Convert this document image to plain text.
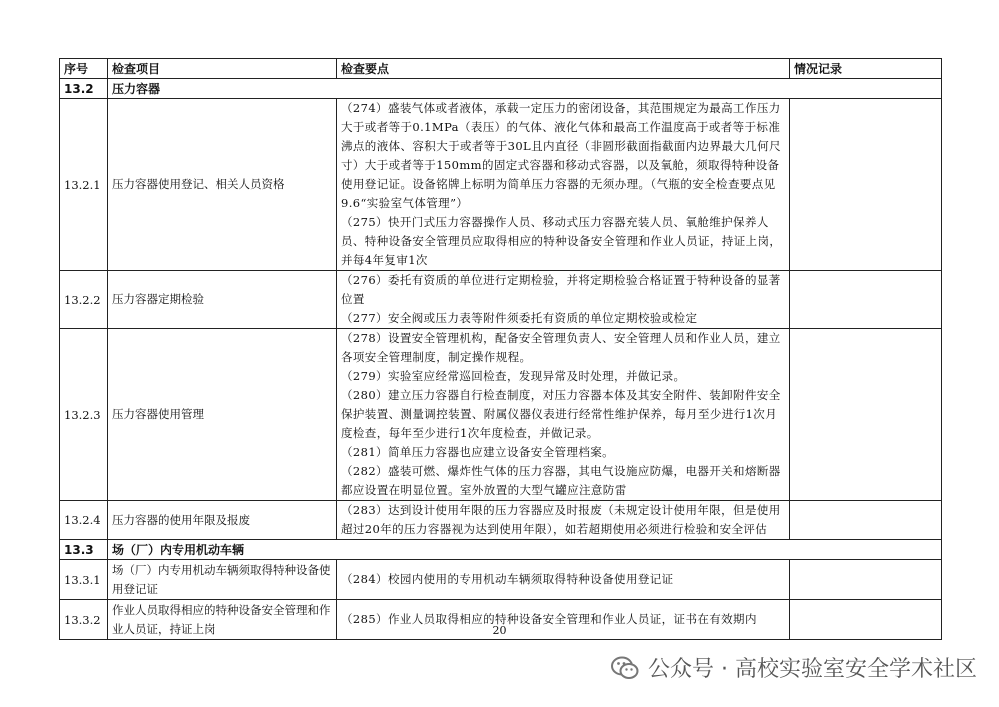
序号	检查项目	检查要点	情况记录
13.2	压力容器		
13.2.1	压力容器使用登记、相关人员资格	（274）盛装气体或者液体，承载一定压力的密闭设备，其范围规定为最高工作压力大于或者等于0.1MPa（表压）的气体、液化气体和最高工作温度高于或者等于标准沸点的液体、容积大于或者等于30L且内直径（非圆形截面指截面内边界最大几何尺寸）大于或者等于150mm的固定式容器和移动式容器，以及氧舱，须取得特种设备使用登记证。设备铭牌上标明为简单压力容器的无须办理。（气瓶的安全检查要点见9.6“实验室气体管理”）

（275）快开门式压力容器操作人员、移动式压力容器充装人员、氧舱维护保养人员、特种设备安全管理员应取得相应的特种设备安全管理和作业人员证，持证上岗，并每4年复审1次	

13.2.2	压力容器定期检验	（276）委托有资质的单位进行定期检验，并将定期检验合格证置于特种设备的显著位置

（277）安全阀或压力表等附件须委托有资质的单位定期校验或检定	

13.2.3	压力容器使用管理	（278）设置安全管理机构，配备安全管理负责人、安全管理人员和作业人员，建立各项安全管理制度，制定操作规程。

（279）实验室应经常巡回检查，发现异常及时处理，并做记录。

（280）建立压力容器自行检查制度，对压力容器本体及其安全附件、装卸附件安全保护装置、测量调控装置、附属仪器仪表进行经常性维护保养，每月至少进行1次月度检查，每年至少进行1次年度检查，并做记录。

（281）简单压力容器也应建立设备安全管理档案。

（282）盛装可燃、爆炸性气体的压力容器，其电气设施应防爆，电器开关和熔断器都应设置在明显位置。室外放置的大型气罐应注意防雷	

13.2.4	压力容器的使用年限及报废	（283）达到设计使用年限的压力容器应及时报废（未规定设计使用年限，但是使用超过20年的压力容器视为达到使用年限），如若超期使用必须进行检验和安全评估	

13.3	场（厂）内专用机动车辆		
13.3.1	场（厂）内专用机动车辆须取得特种设备使用登记证	（284）校园内使用的专用机动车辆须取得特种设备使用登记证	

13.3.2	作业人员取得相应的特种设备安全管理和作业人员证，持证上岗	（285）作业人员取得相应的特种设备安全管理和作业人员证，证书在有效期内	

20
公众号 · 高校实验室安全学术社区
